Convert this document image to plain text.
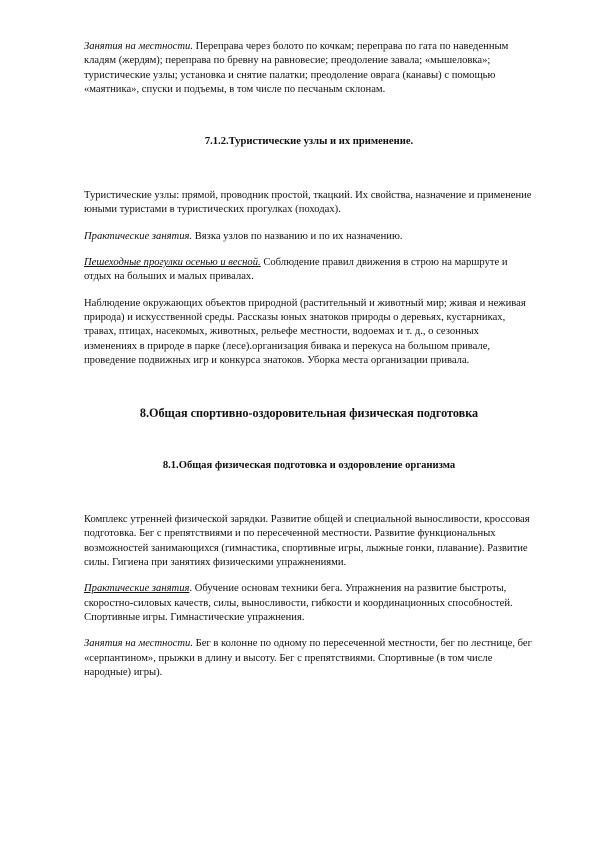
Занятия на местности. Переправа через болото по кочкам; переправа по гата по наведенным кладям (жердям); переправа по бревну на равновесие; преодоление завала; «мышеловка»; туристические узлы; установка и снятие палатки; преодоление оврага (канавы) с помощью «маятника», спуски и подъемы, в том числе по песчаным склонам.

7.1.2.Туристические узлы и их применение.

Туристические узлы: прямой, проводник простой, ткацкий. Их свойства, назначение и применение юными туристами в туристических прогулках (походах).

Практические занятия. Вязка узлов по названию и по их назначению.

Пешеходные прогулки осенью и весной. Соблюдение правил движения в строю на маршруте и отдых на больших и малых привалах.

Наблюдение окружающих объектов природной (растительный и животный мир; живая и неживая природа) и искусственной среды. Рассказы юных знатоков природы о деревьях, кустарниках, травах, птицах, насекомых, животных, рельефе местности, водоемах и т. д., о сезонных изменениях в природе в парке (лесе).организация бивака и перекуса на большом привале, проведение подвижных игр и конкурса знатоков. Уборка места организации привала.

8.Общая спортивно-оздоровительная физическая подготовка

8.1.Общая физическая подготовка и оздоровление организма

Комплекс утренней физической зарядки. Развитие общей и специальной выносливости, кроссовая подготовка. Бег с препятствиями и по пересеченной местности. Развитие функциональных возможностей занимающихся (гимнастика, спортивные игры, лыжные гонки, плавание). Развитие силы. Гигиена при занятиях физическими упражнениями.

Практические занятия. Обучение основам техники бега. Упражнения на развитие быстроты, скоростно-силовых качеств, силы, выносливости, гибкости и координационных способностей. Спортивные игры. Гимнастические упражнения.

Занятия на местности. Бег в колонне по одному по пересеченной местности, бег по лестнице, бег «серпантином», прыжки в длину и высоту. Бег с препятствиями. Спортивные (в том числе народные) игры).
